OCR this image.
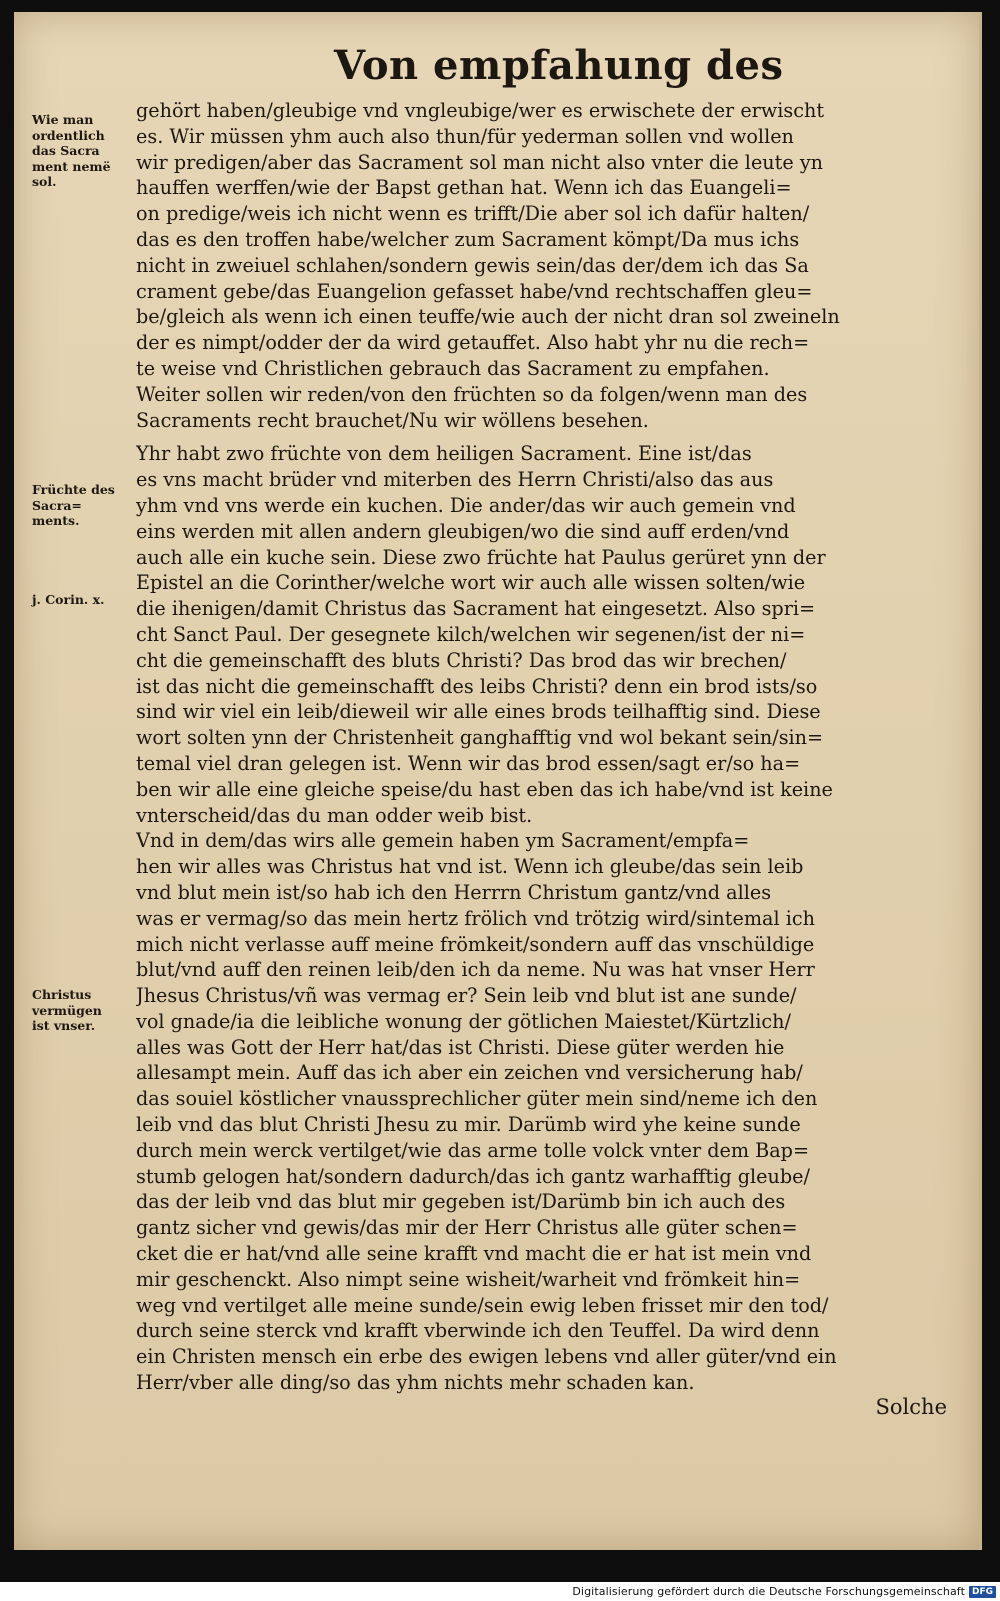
Von empfahung des
Wie man
ordentlich
das Sacra
ment nemë
sol.
Früchte des
Sacra=
ments.
j. Corin. x.
Christus
vermügen
ist vnser.
gehört haben/gleubige vnd vngleubige/wer es erwischete der erwischt
es. Wir müssen yhm auch also thun/für yederman sollen vnd wollen
wir predigen/aber das Sacrament sol man nicht also vnter die leute yn
hauffen werffen/wie der Bapst gethan hat. Wenn ich das Euangeli=
on predige/weis ich nicht wenn es trifft/Die aber sol ich dafür halten/
das es den troffen habe/welcher zum Sacrament kömpt/Da mus ichs
nicht in zweiuel schlahen/sondern gewis sein/das der/dem ich das Sa
crament gebe/das Euangelion gefasset habe/vnd rechtschaffen gleu=
be/gleich als wenn ich einen teuffe/wie auch der nicht dran sol zweineln
der es nimpt/odder der da wird getauffet. Also habt yhr nu die rech=
te weise vnd Christlichen gebrauch das Sacrament zu empfahen.
Weiter sollen wir reden/von den früchten so da folgen/wenn man des
Sacraments recht brauchet/Nu wir wöllens besehen.
Yhr habt zwo früchte von dem heiligen Sacrament. Eine ist/das
es vns macht brüder vnd miterben des Herrn Christi/also das aus
yhm vnd vns werde ein kuchen. Die ander/das wir auch gemein vnd
eins werden mit allen andern gleubigen/wo die sind auff erden/vnd
auch alle ein kuche sein. Diese zwo früchte hat Paulus gerüret ynn der
Epistel an die Corinther/welche wort wir auch alle wissen solten/wie
die ihenigen/damit Christus das Sacrament hat eingesetzt. Also spri=
cht Sanct Paul. Der gesegnete kilch/welchen wir segenen/ist der ni=
cht die gemeinschafft des bluts Christi? Das brod das wir brechen/
ist das nicht die gemeinschafft des leibs Christi? denn ein brod ists/so
sind wir viel ein leib/dieweil wir alle eines brods teilhafftig sind. Diese
wort solten ynn der Christenheit ganghafftig vnd wol bekant sein/sin=
temal viel dran gelegen ist. Wenn wir das brod essen/sagt er/so ha=
ben wir alle eine gleiche speise/du hast eben das ich habe/vnd ist keine
vnterscheid/das du man odder weib bist.
Vnd in dem/das wirs alle gemein haben ym Sacrament/empfa=
hen wir alles was Christus hat vnd ist. Wenn ich gleube/das sein leib
vnd blut mein ist/so hab ich den Herrrn Christum gantz/vnd alles
was er vermag/so das mein hertz frölich vnd trötzig wird/sintemal ich
mich nicht verlasse auff meine frömkeit/sondern auff das vnschüldige
blut/vnd auff den reinen leib/den ich da neme. Nu was hat vnser Herr
Jhesus Christus/vñ was vermag er? Sein leib vnd blut ist ane sunde/
vol gnade/ia die leibliche wonung der götlichen Maiestet/Kürtzlich/
alles was Gott der Herr hat/das ist Christi. Diese güter werden hie
allesampt mein. Auff das ich aber ein zeichen vnd versicherung hab/
das souiel köstlicher vnaussprechlicher güter mein sind/neme ich den
leib vnd das blut Christi Jhesu zu mir. Darümb wird yhe keine sunde
durch mein werck vertilget/wie das arme tolle volck vnter dem Bap=
stumb gelogen hat/sondern dadurch/das ich gantz warhafftig gleube/
das der leib vnd das blut mir gegeben ist/Darümb bin ich auch des
gantz sicher vnd gewis/das mir der Herr Christus alle güter schen=
cket die er hat/vnd alle seine krafft vnd macht die er hat ist mein vnd
mir geschenckt. Also nimpt seine wisheit/warheit vnd frömkeit hin=
weg vnd vertilget alle meine sunde/sein ewig leben frisset mir den tod/
durch seine sterck vnd krafft vberwinde ich den Teuffel. Da wird denn
ein Christen mensch ein erbe des ewigen lebens vnd aller güter/vnd ein
Herr/vber alle ding/so das yhm nichts mehr schaden kan.
Solche
Digitalisierung gefördert durch die Deutsche Forschungsgemeinschaft DFG
